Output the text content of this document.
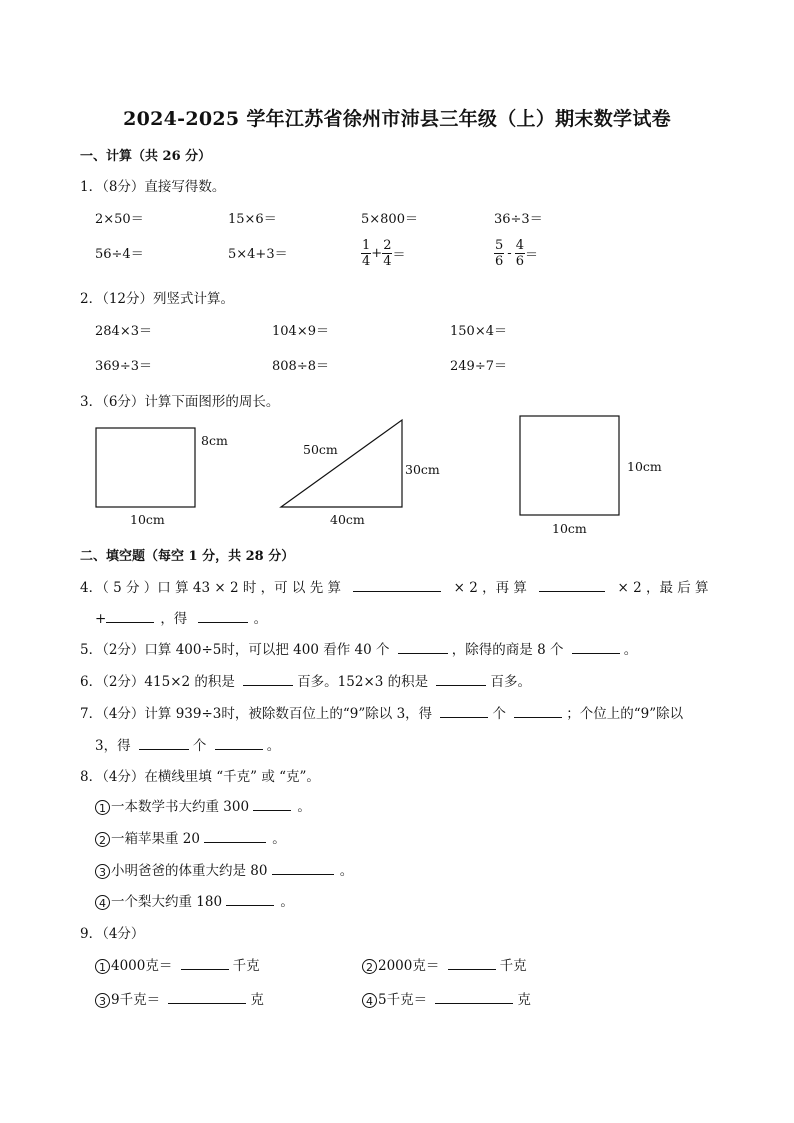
2024-2025 学年江苏省徐州市沛县三年级（上）期末数学试卷
一、计算（共 26 分）
1．（8分）直接写得数。
2×50＝	15×6＝	5×800＝	36÷3＝
56÷4＝	5×4+3＝	$\frac{1}{4} + \frac{2}{4}$ ＝	$\frac{5}{6} - \frac{4}{6}$ ＝
2．（12分）列竖式计算。
284×3＝	104×9＝	150×4＝
369÷3＝	808÷8＝	249÷7＝
3．（6分）计算下面图形的周长。
8cm
10cm
50cm
30cm
40cm
10cm
10cm
二、填空题（每空 1 分，共 28 分）
4．（ 5 分 ）口 算 43 × 2 时 ，可 以 先 算	× 2 ，再 算	× 2 ，最 后 算
+	，得	。
5．（2分）口算 400÷5时，可以把 400 看作 40 个	，除得的商是 8 个	。
6．（2分）415×2 的积是	百多。152×3 的积是	百多。
7．（4分）计算 939÷3时，被除数百位上的“9”除以 3，得	个	；个位上的“9”除以
3，得	个	。
8．（4分）在横线里填 “千克” 或 “克”。
1 一本数学书大约重 300	。
2 一箱苹果重 20	。
3 小明爸爸的体重大约是 80	。
4 一个梨大约重 180	。
9．（4分）
1 4000克＝	千克	2 2000克＝	千克
3 9千克＝	克	4 5千克＝	克
